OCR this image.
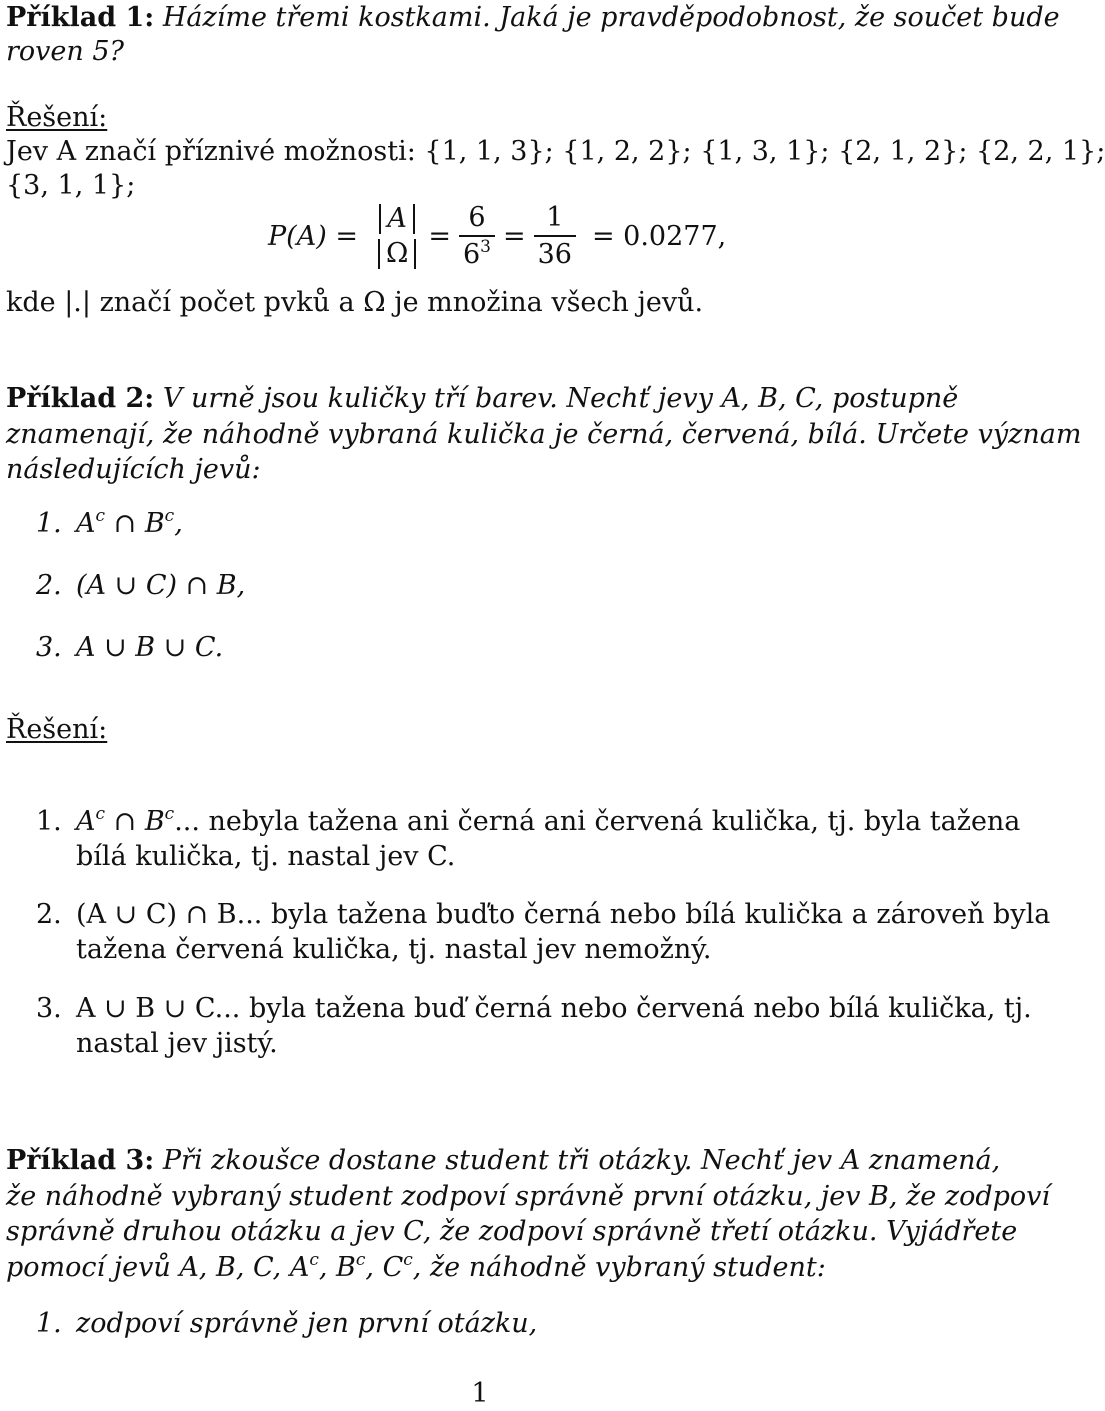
Příklad 1: Házíme třemi kostkami. Jaká je pravděpodobnost, že součet bude
roven 5?
Řešení:
Jev A značí příznivé možnosti: {1, 1, 3}; {1, 2, 2}; {1, 3, 1}; {2, 1, 2}; {2, 2, 1};
{3, 1, 1};
P(A) =
A
Ω
= $\frac{6}{6^3} = \frac{1}{36} = 0.0277$,
kde |.| značí počet pvků a Ω je množina všech jevů.
Příklad 2: V urně jsou kuličky tří barev. Nechť jevy A, B, C, postupně
znamenají, že náhodně vybraná kulička je černá, červená, bílá. Určete význam
následujících jevů:
1. $A^c$ ∩ $B^c$,
2. (A ∪ C) ∩ B,
3. A ∪ B ∪ C.
Řešení:
1. $A^c$ ∩ $B^c$... nebyla tažena ani černá ani červená kulička, tj. byla tažena
bílá kulička, tj. nastal jev C.
2. (A ∪ C) ∩ B... byla tažena buďto černá nebo bílá kulička a zároveň byla
tažena červená kulička, tj. nastal jev nemožný.
3. A ∪ B ∪ C... byla tažena buď černá nebo červená nebo bílá kulička, tj.
nastal jev jistý.
Příklad 3: Při zkoušce dostane student tři otázky. Nechť jev A znamená,
že náhodně vybraný student zodpoví správně první otázku, jev B, že zodpoví
správně druhou otázku a jev C, že zodpoví správně třetí otázku. Vyjádřete
pomocí jevů A, B, C, $A^c$, $B^c$, $C^c$, že náhodně vybraný student:
1. zodpoví správně jen první otázku,
1
